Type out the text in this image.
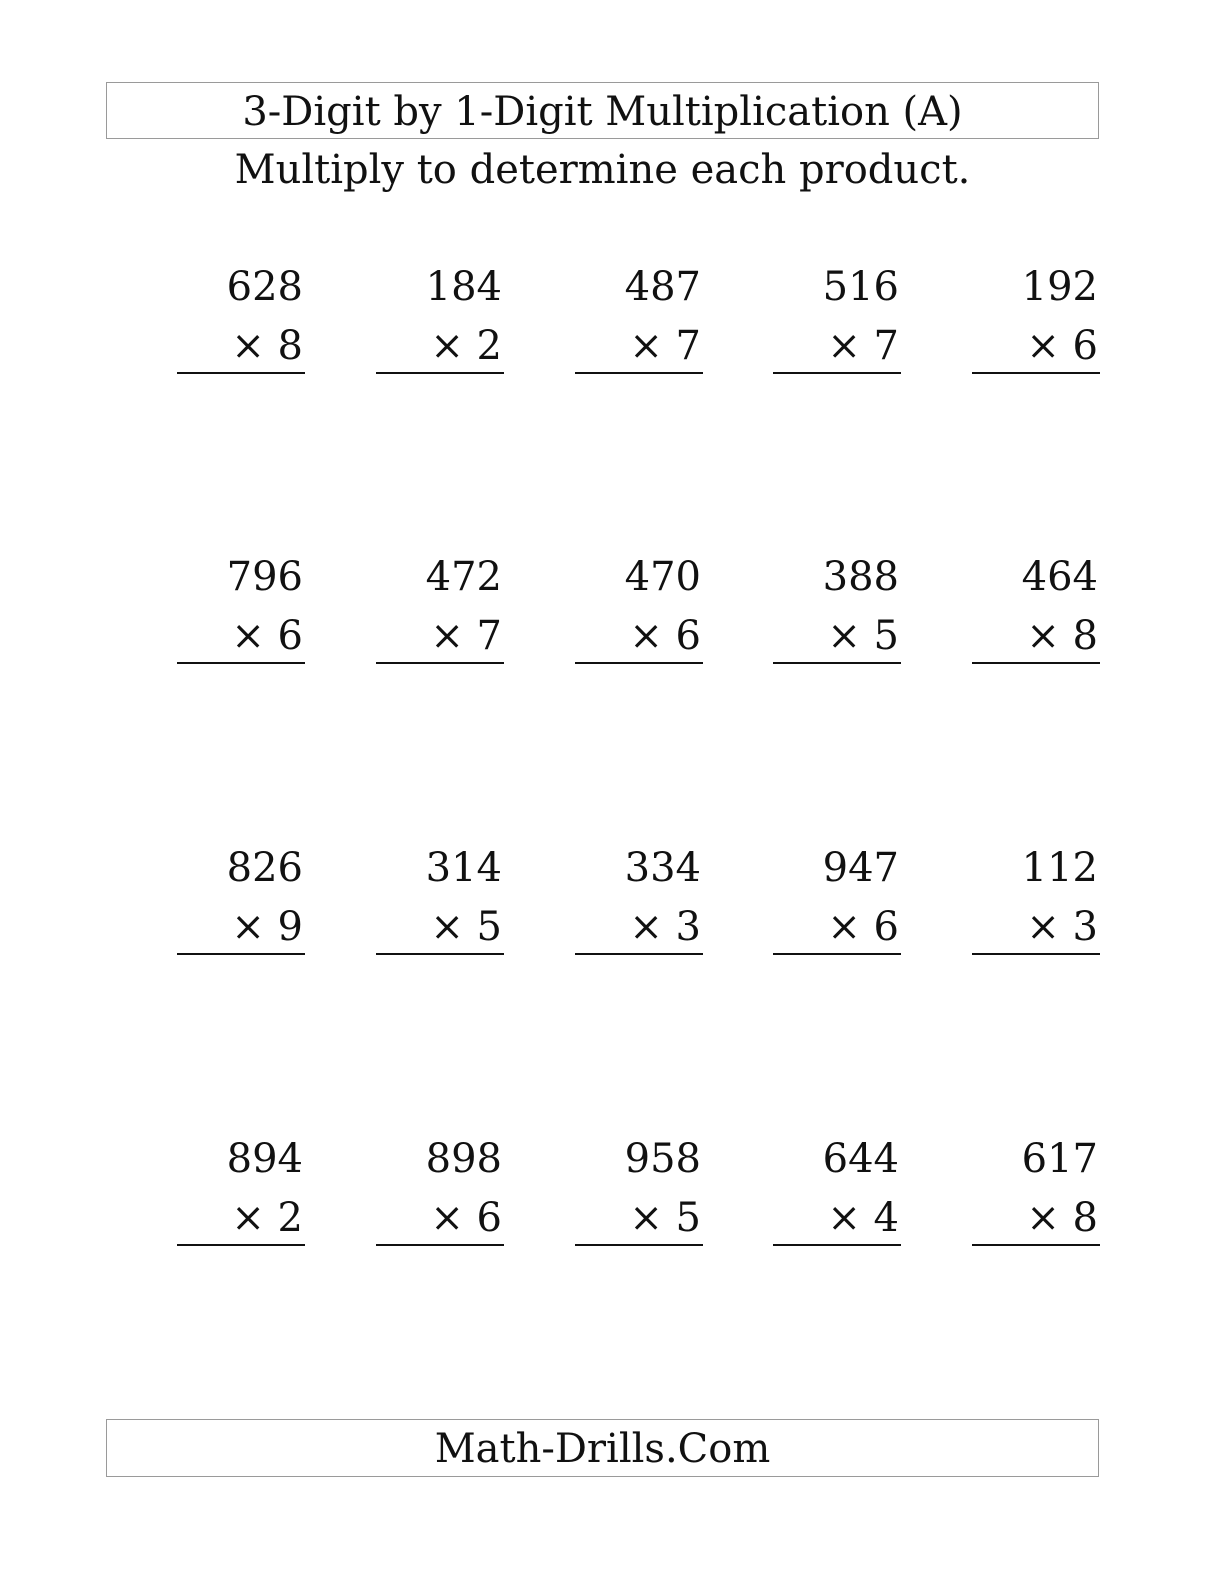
3-Digit by 1-Digit Multiplication (A)
Multiply to determine each product.
628
× 8
184
× 2
487
× 7
516
× 7
192
× 6
796
× 6
472
× 7
470
× 6
388
× 5
464
× 8
826
× 9
314
× 5
334
× 3
947
× 6
112
× 3
894
× 2
898
× 6
958
× 5
644
× 4
617
× 8
Math-Drills.Com
